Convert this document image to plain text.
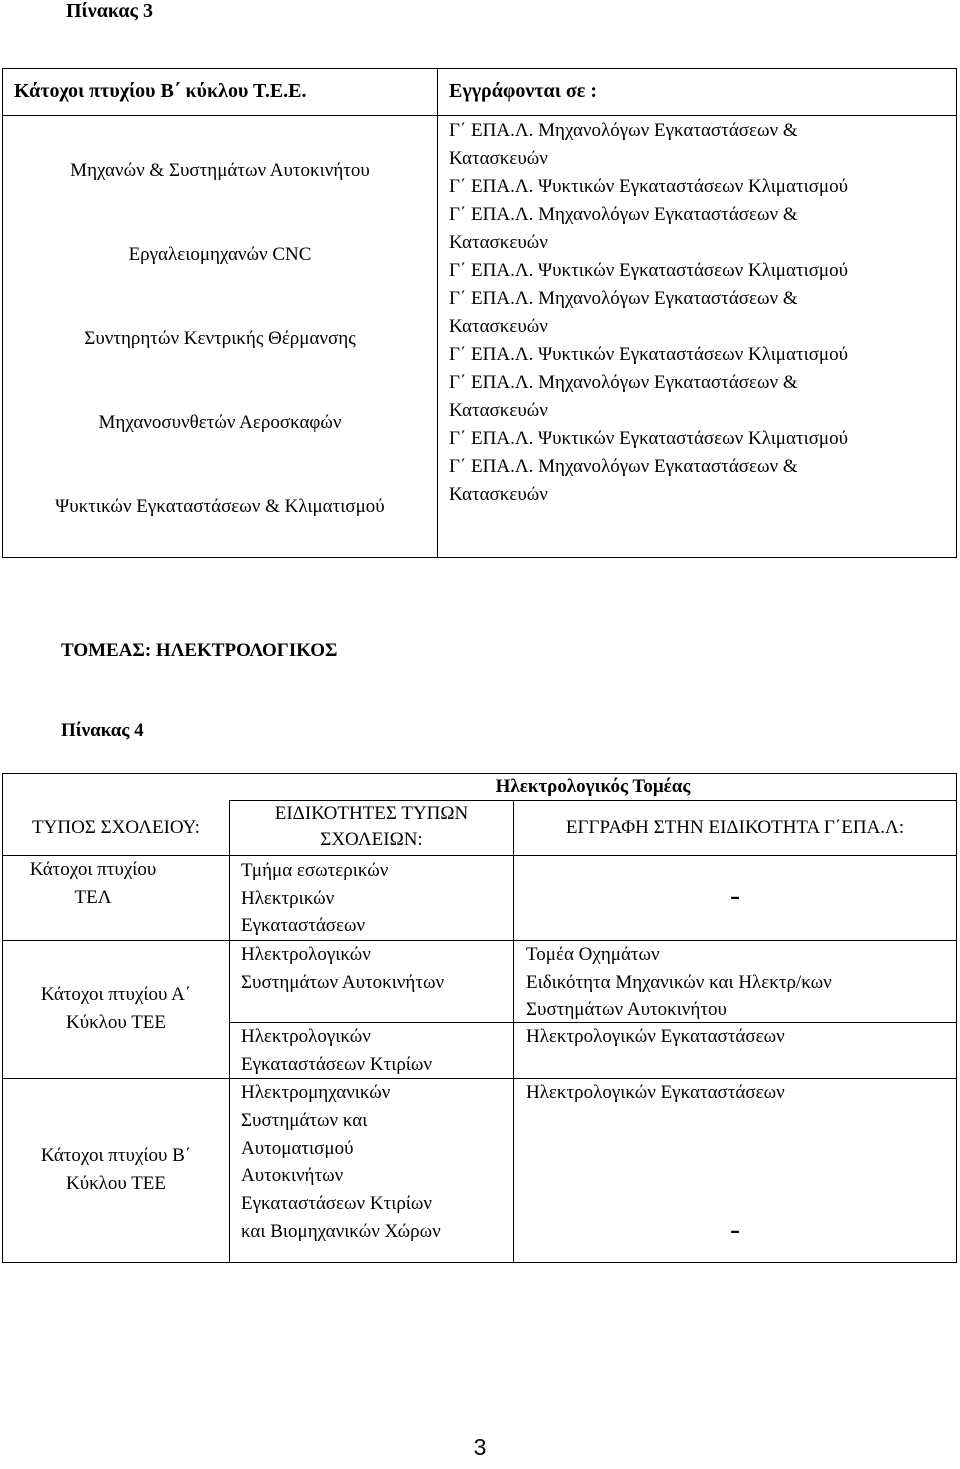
Πίνακας 3
Κάτοχοι πτυχίου Β΄ κύκλου Τ.Ε.Ε.	Εγγράφονται σε :
Μηχανών & Συστημάτων Αυτοκινήτου
Εργαλειομηχανών CNC
Συντηρητών Κεντρικής Θέρμανσης
Μηχανοσυνθετών Αεροσκαφών
Ψυκτικών Εγκαταστάσεων & Κλιματισμού
Γ΄ ΕΠΑ.Λ. Μηχανολόγων Εγκαταστάσεων &
Κατασκευών
Γ΄ ΕΠΑ.Λ. Ψυκτικών Εγκαταστάσεων Κλιματισμού
Γ΄ ΕΠΑ.Λ. Μηχανολόγων Εγκαταστάσεων &
Κατασκευών
Γ΄ ΕΠΑ.Λ. Ψυκτικών Εγκαταστάσεων Κλιματισμού
Γ΄ ΕΠΑ.Λ. Μηχανολόγων Εγκαταστάσεων &
Κατασκευών
Γ΄ ΕΠΑ.Λ. Ψυκτικών Εγκαταστάσεων Κλιματισμού
Γ΄ ΕΠΑ.Λ. Μηχανολόγων Εγκαταστάσεων &
Κατασκευών
Γ΄ ΕΠΑ.Λ. Ψυκτικών Εγκαταστάσεων Κλιματισμού
Γ΄ ΕΠΑ.Λ. Μηχανολόγων Εγκαταστάσεων &
Κατασκευών
ΤΟΜΕΑΣ: ΗΛΕΚΤΡΟΛΟΓΙΚΟΣ
Πίνακας 4
Ηλεκτρολογικός Τομέας
ΤΥΠΟΣ ΣΧΟΛΕΙΟΥ:
ΕΙΔΙΚΟΤΗΤΕΣ ΤΥΠΩΝ
ΣΧΟΛΕΙΩΝ:
ΕΓΓΡΑΦΗ ΣΤΗΝ ΕΙΔΙΚΟΤΗΤΑ Γ΄ΕΠΑ.Λ:
Κάτοχοι πτυχίου
ΤΕΛ
Κάτοχοι πτυχίου Α΄
Κύκλου ΤΕΕ
Κάτοχοι πτυχίου Β΄
Κύκλου ΤΕΕ
Τμήμα εσωτερικών
Ηλεκτρικών
Εγκαταστάσεων
Ηλεκτρολογικών
Συστημάτων Αυτοκινήτων
Ηλεκτρολογικών
Εγκαταστάσεων Κτιρίων
Ηλεκτρομηχανικών
Συστημάτων και
Αυτοματισμού
Αυτοκινήτων
Εγκαταστάσεων Κτιρίων
και Βιομηχανικών Χώρων
-
Τομέα Οχημάτων
Ειδικότητα Μηχανικών και Ηλεκτρ/κων
Συστημάτων Αυτοκινήτου
Ηλεκτρολογικών Εγκαταστάσεων
Ηλεκτρολογικών Εγκαταστάσεων
-
3
